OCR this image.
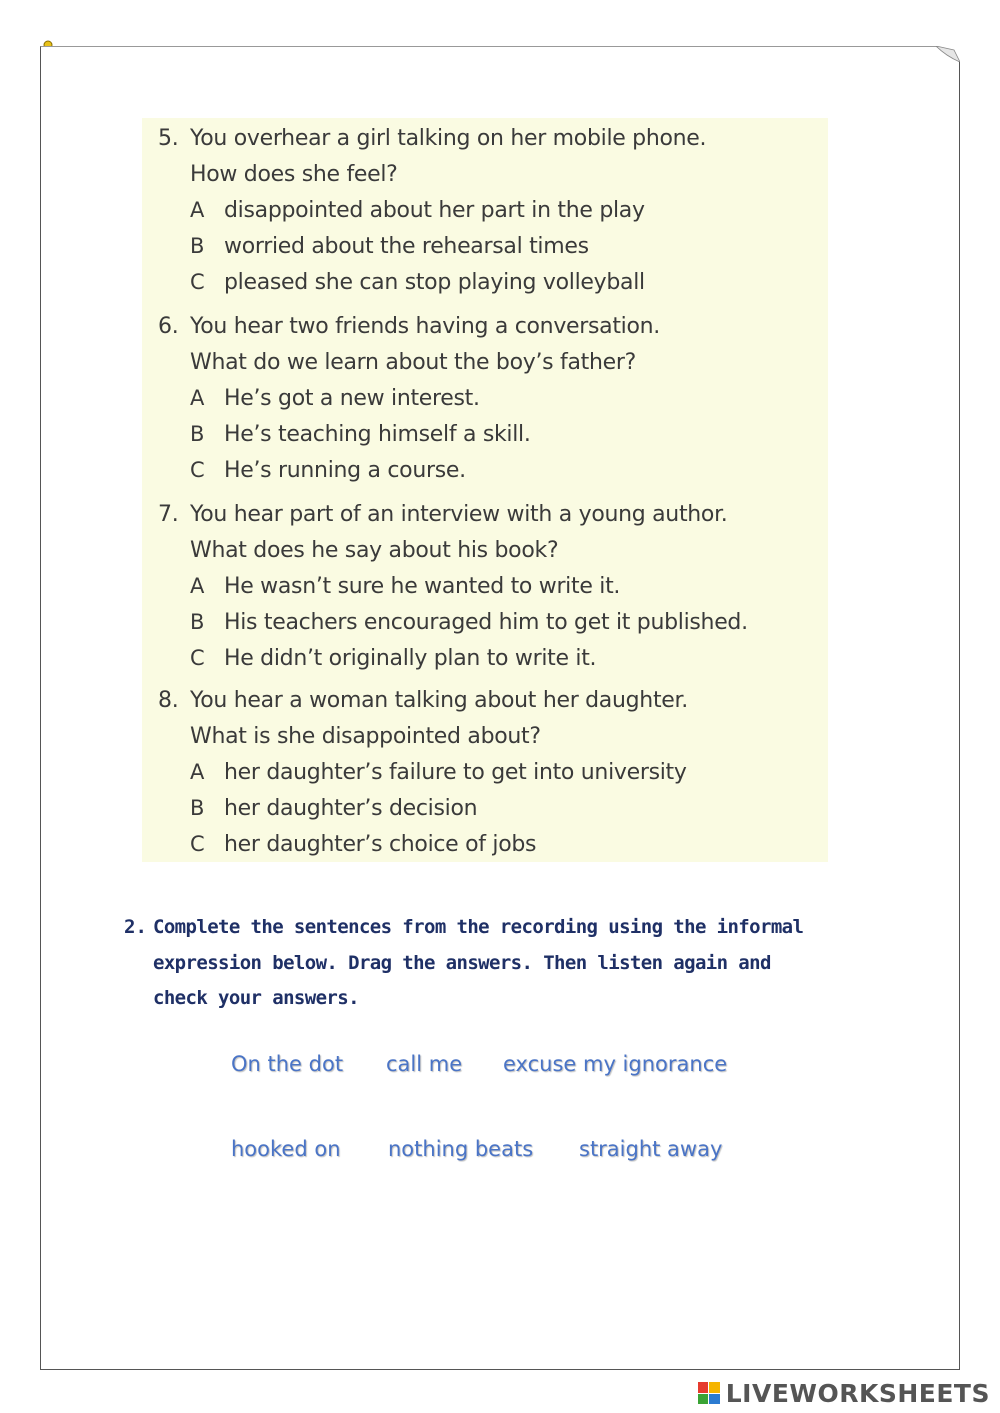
5. You overhear a girl talking on her mobile phone.
How does she feel?
A disappointed about her part in the play
B worried about the rehearsal times
C pleased she can stop playing volleyball
6. You hear two friends having a conversation.
What do we learn about the boy’s father?
A He’s got a new interest.
B He’s teaching himself a skill.
C He’s running a course.
7. You hear part of an interview with a young author.
What does he say about his book?
A He wasn’t sure he wanted to write it.
B His teachers encouraged him to get it published.
C He didn’t originally plan to write it.
8. You hear a woman talking about her daughter.
What is she disappointed about?
A her daughter’s failure to get into university
B her daughter’s decision
C her daughter’s choice of jobs
2. Complete the sentences from the recording using the informal
expression below. Drag the answers. Then listen again and
check your answers.
On the dot call me excuse my ignorance
hooked on nothing beats straight away
LIVEWORKSHEETS
